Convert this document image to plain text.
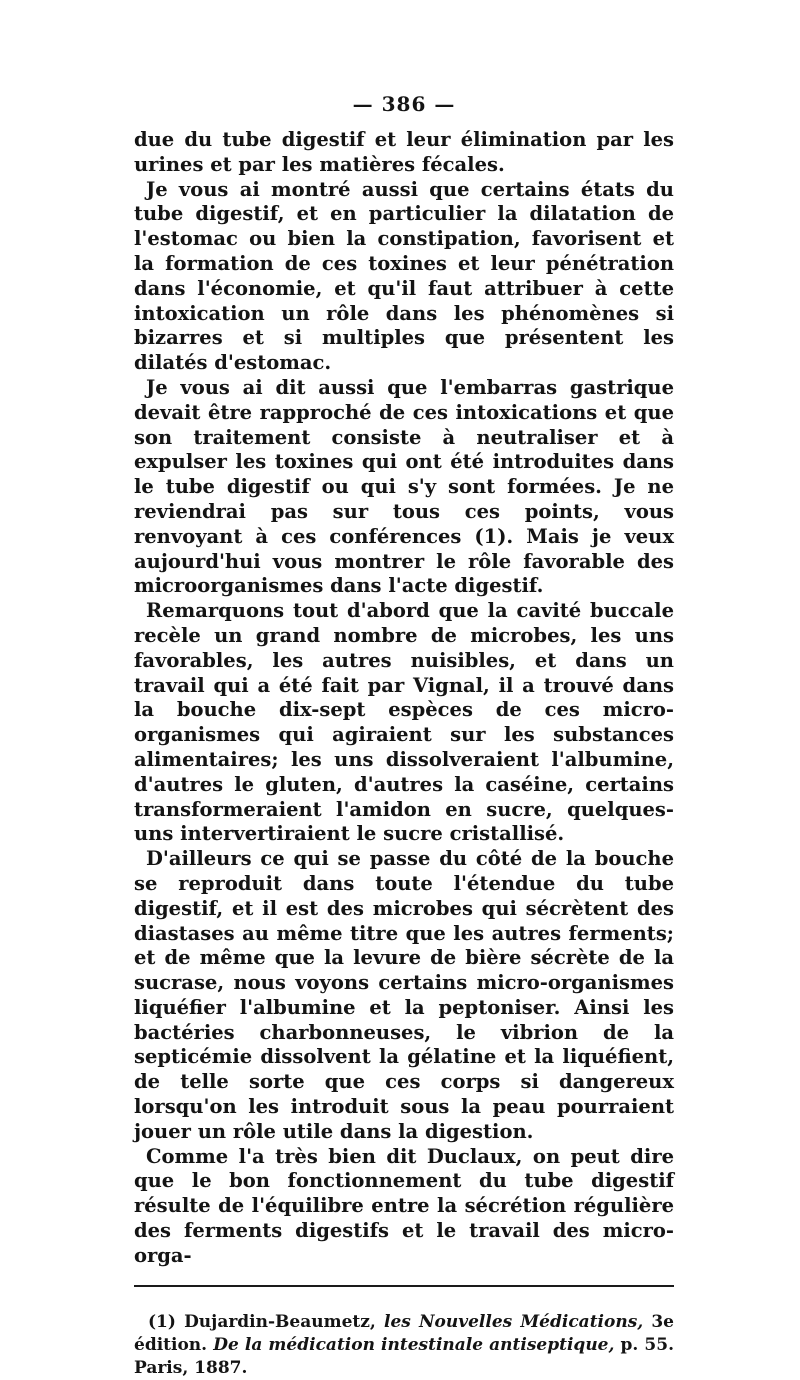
— 386 —

due du tube digestif et leur élimination par les urines et par les matières fécales.

Je vous ai montré aussi que certains états du tube digestif, et en particulier la dilatation de l'estomac ou bien la constipation, favorisent et la formation de ces toxines et leur pénétration dans l'économie, et qu'il faut attribuer à cette intoxication un rôle dans les phénomènes si bizarres et si multiples que présentent les dilatés d'estomac.

Je vous ai dit aussi que l'embarras gastrique devait être rapproché de ces intoxications et que son traitement consiste à neutraliser et à expulser les toxines qui ont été introduites dans le tube digestif ou qui s'y sont formées. Je ne reviendrai pas sur tous ces points, vous renvoyant à ces conférences (1). Mais je veux aujourd'hui vous montrer le rôle favorable des microorganismes dans l'acte digestif.

Remarquons tout d'abord que la cavité buccale recèle un grand nombre de microbes, les uns favorables, les autres nuisibles, et dans un travail qui a été fait par Vignal, il a trouvé dans la bouche dix-sept espèces de ces micro-organismes qui agiraient sur les substances alimentaires; les uns dissolveraient l'albumine, d'autres le gluten, d'autres la caséine, certains transformeraient l'amidon en sucre, quelques-uns intervertiraient le sucre cristallisé.

D'ailleurs ce qui se passe du côté de la bouche se reproduit dans toute l'étendue du tube digestif, et il est des microbes qui sécrètent des diastases au même titre que les autres ferments; et de même que la levure de bière sécrète de la sucrase, nous voyons certains micro-organismes liquéfier l'albumine et la peptoniser. Ainsi les bactéries charbonneuses, le vibrion de la septicémie dissolvent la gélatine et la liquéfient, de telle sorte que ces corps si dangereux lorsqu'on les introduit sous la peau pourraient jouer un rôle utile dans la digestion.

Comme l'a très bien dit Duclaux, on peut dire que le bon fonctionnement du tube digestif résulte de l'équilibre entre la sécrétion régulière des ferments digestifs et le travail des micro-orga-

(1) Dujardin-Beaumetz, les Nouvelles Médications, 3e édition. De la médication intestinale antiseptique, p. 55. Paris, 1887.
